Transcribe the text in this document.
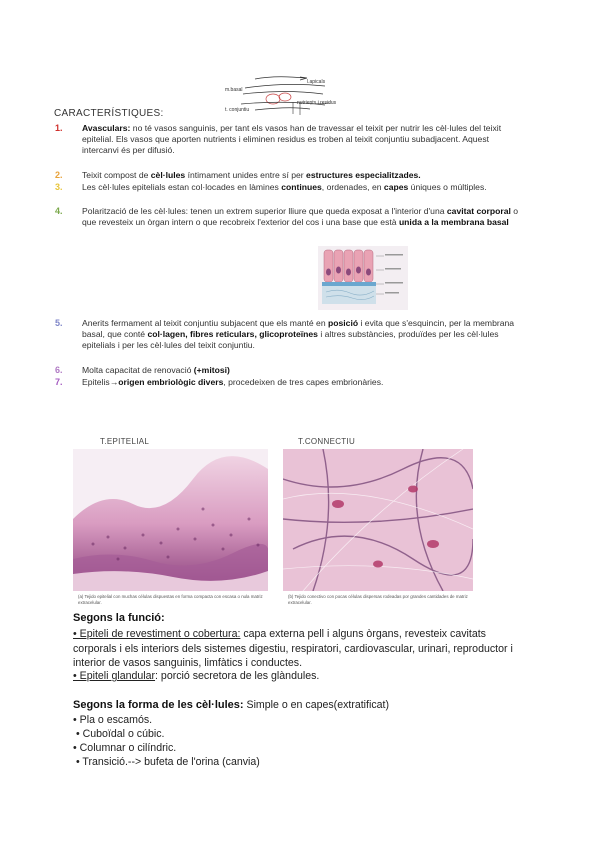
l.apicals
m.basal
nutrients i residus
t. conjuntiu
CARACTERÍSTIQUES:
1. Avasculars: no té vasos sanguinis, per tant els vasos han de travessar el teixit per nutrir les cèl·lules del teixit epitelial. Els vasos que aporten nutrients i eliminen residus es troben al teixit conjuntiu subadjacent. Aquest intercanvi és per difusió.
2. Teixit compost de cèl·lules íntimament unides entre sí per estructures especialitzades.
3. Les cèl·lules epitelials estan col·locades en làmines continues, ordenades, en capes úniques o múltiples.
4. Polarització de les cèl·lules: tenen un extrem superior lliure que queda exposat a l'interior d'una cavitat corporal o que revesteix un òrgan intern o que recobreix l'exterior del cos i una base que està unida a la membrana basal
5. Anerits fermament al teixit conjuntiu subjacent que els manté en posició i evita que s'esquincin, per la membrana basal, que conté col·lagen, fibres reticulars, glicoproteïnes i altres substàncies, produïdes per les cèl·lules epitelials i per les cèl·lules del teixit conjuntiu.
6. Molta capacitat de renovació (+mitosi)
7. Epitelis→origen embriològic divers, procedeixen de tres capes embrionàries.
T.EPITELIAL	T.CONNECTIU
(a) Tejido epitelial con muchas células dispuestas en forma compacta con escasa o nula matriz extracelular.
(b) Tejido conectivo con pocas células dispersas rodeadas por grandes cantidades de matriz extracelular.
Segons la funció:
• Epiteli de revestiment o cobertura: capa externa pell i alguns òrgans, revesteix cavitats corporals i els interiors dels sistemes digestiu, respiratori, cardiovascular, urinari, reproductor i interior de vasos sanguinis, limfàtics i conductes.
• Epiteli glandular: porció secretora de les glàndules.
Segons la forma de les cèl·lules: Simple o en capes(extratificat)
• Pla o escamós.
• Cuboïdal o cúbic.
• Columnar o cilíndric.
• Transició.--> bufeta de l'orina (canvia)
